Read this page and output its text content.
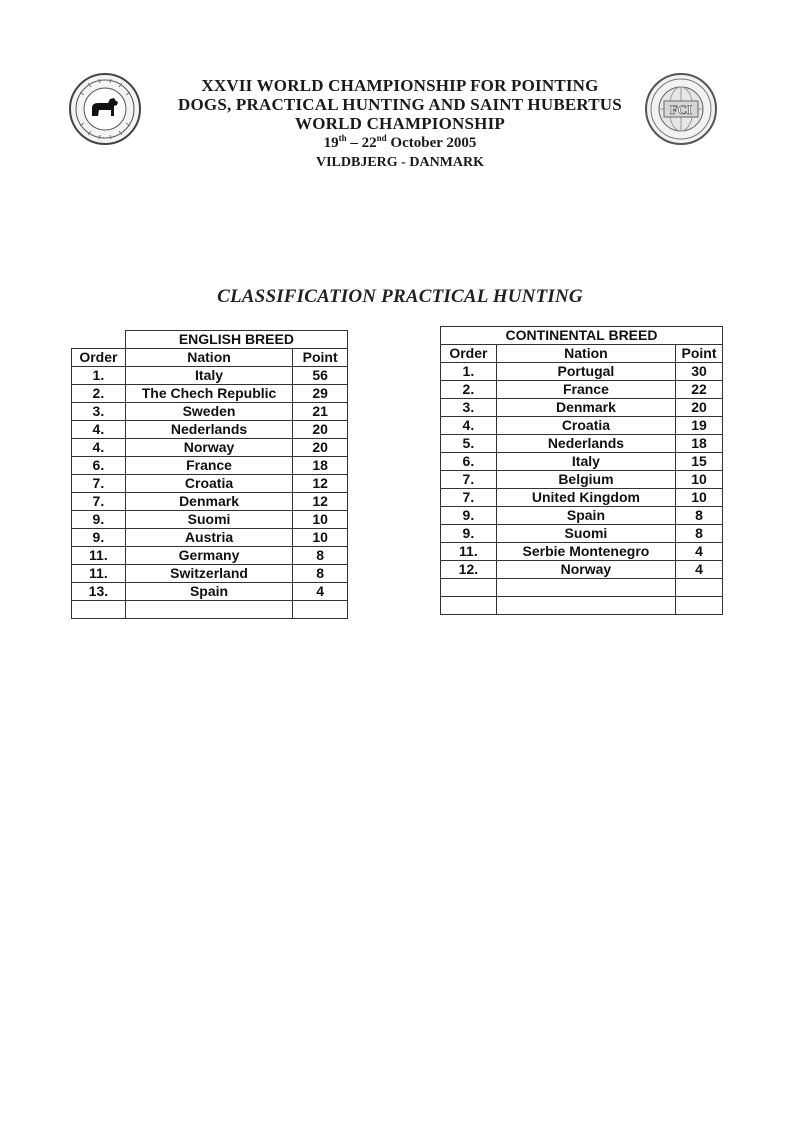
FCI
XXVII WORLD CHAMPIONSHIP FOR POINTING
DOGS, PRACTICAL HUNTING AND SAINT HUBERTUS
WORLD CHAMPIONSHIP
19th – 22nd October 2005
VILDBJERG - DANMARK
CLASSIFICATION PRACTICAL HUNTING
	ENGLISH BREED	
Order	Nation	Point
1.	Italy	56
2.	The Chech Republic	29
3.	Sweden	21
4.	Nederlands	20
4.	Norway	20
6.	France	18
7.	Croatia	12
7.	Denmark	12
9.	Suomi	10
9.	Austria	10
11.	Germany	8
11.	Switzerland	8
13.	Spain	4

CONTINENTAL BREED		
Order	Nation	Point
1.	Portugal	30
2.	France	22
3.	Denmark	20
4.	Croatia	19
5.	Nederlands	18
6.	Italy	15
7.	Belgium	10
7.	United Kingdom	10
9.	Spain	8
9.	Suomi	8
11.	Serbie Montenegro	4
12.	Norway	4
